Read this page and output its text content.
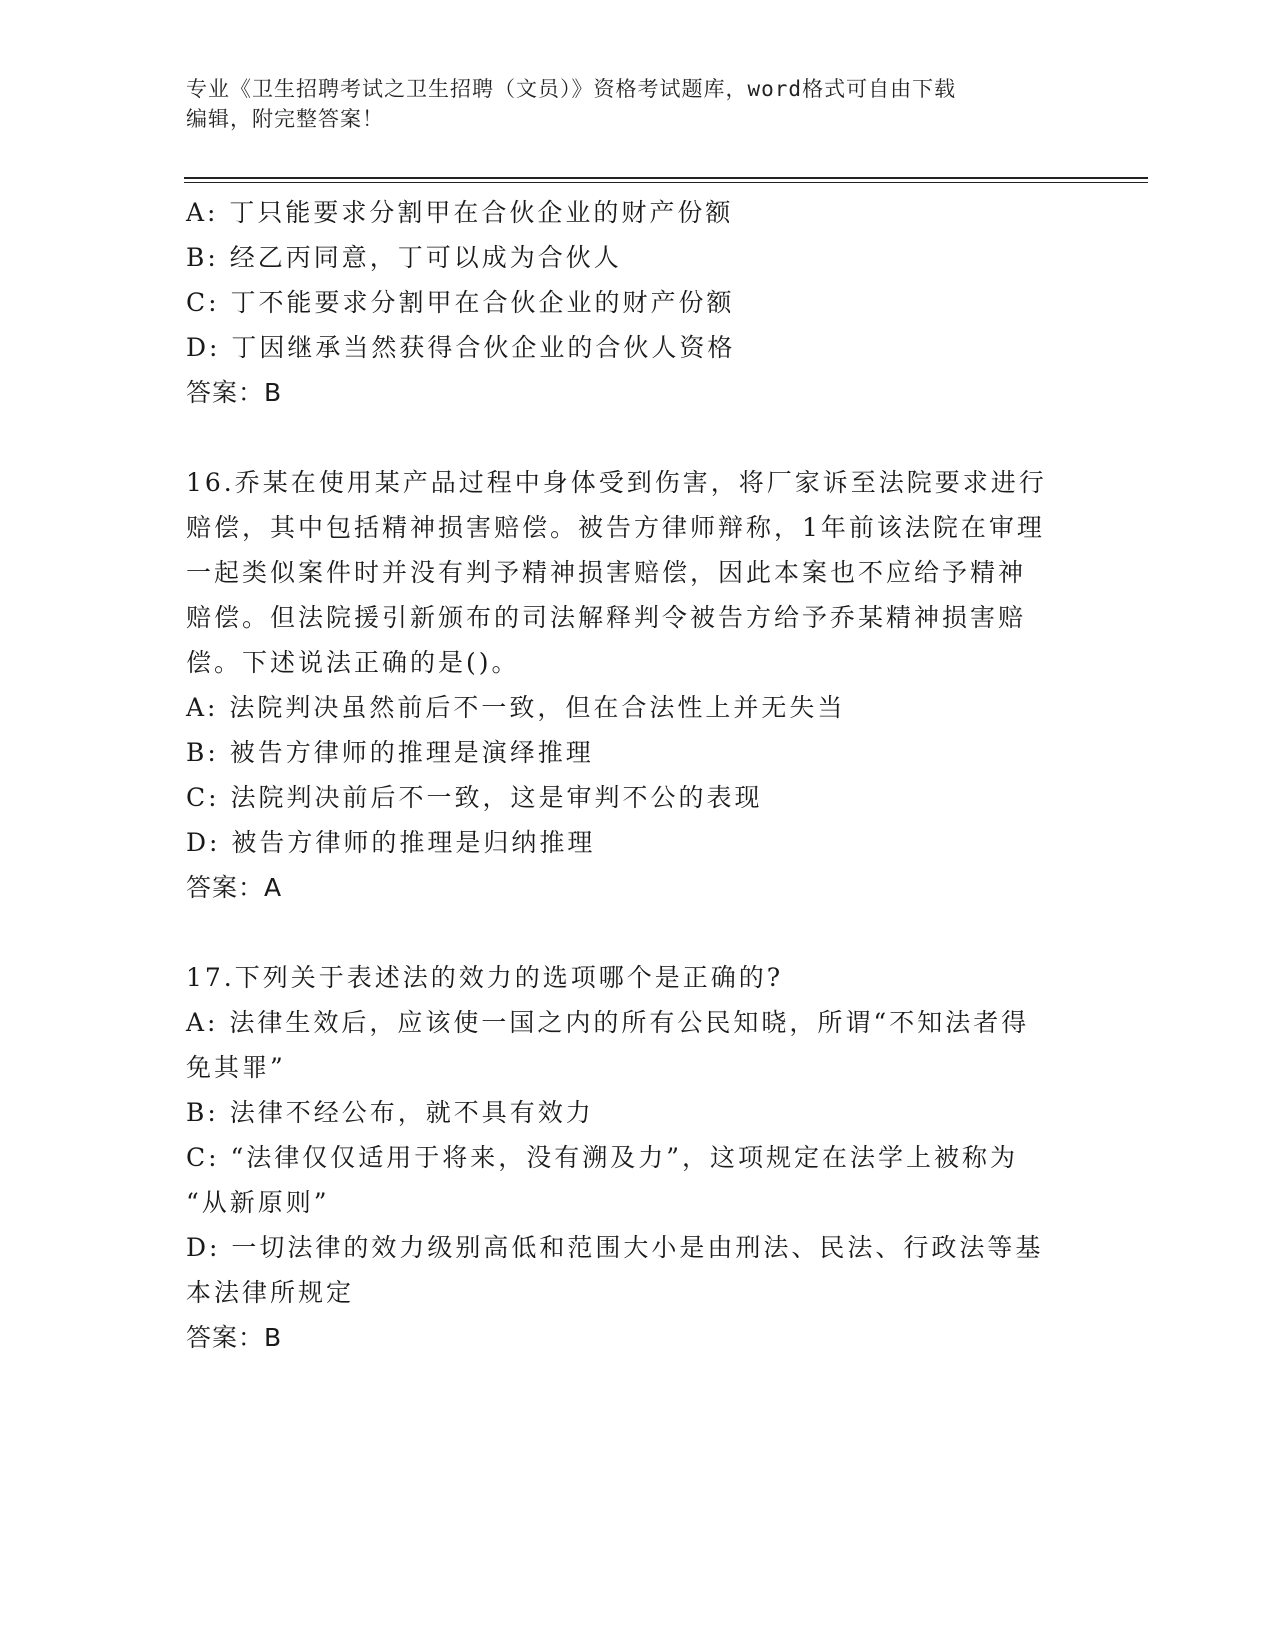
专业《卫生招聘考试之卫生招聘（文员）》资格考试题库，word格式可自由下载
编辑，附完整答案！
A: 丁只能要求分割甲在合伙企业的财产份额
B: 经乙丙同意，丁可以成为合伙人
C: 丁不能要求分割甲在合伙企业的财产份额
D: 丁因继承当然获得合伙企业的合伙人资格
答案：B
16.乔某在使用某产品过程中身体受到伤害，将厂家诉至法院要求进行
赔偿，其中包括精神损害赔偿。被告方律师辩称，1年前该法院在审理
一起类似案件时并没有判予精神损害赔偿，因此本案也不应给予精神
赔偿。但法院援引新颁布的司法解释判令被告方给予乔某精神损害赔
偿。下述说法正确的是()。
A: 法院判决虽然前后不一致，但在合法性上并无失当
B: 被告方律师的推理是演绎推理
C: 法院判决前后不一致，这是审判不公的表现
D: 被告方律师的推理是归纳推理
答案：A
17.下列关于表述法的效力的选项哪个是正确的?
A: 法律生效后，应该使一国之内的所有公民知晓，所谓“不知法者得
免其罪”
B: 法律不经公布，就不具有效力
C: “法律仅仅适用于将来，没有溯及力”，这项规定在法学上被称为
“从新原则”
D: 一切法律的效力级别高低和范围大小是由刑法、民法、行政法等基
本法律所规定
答案：B
